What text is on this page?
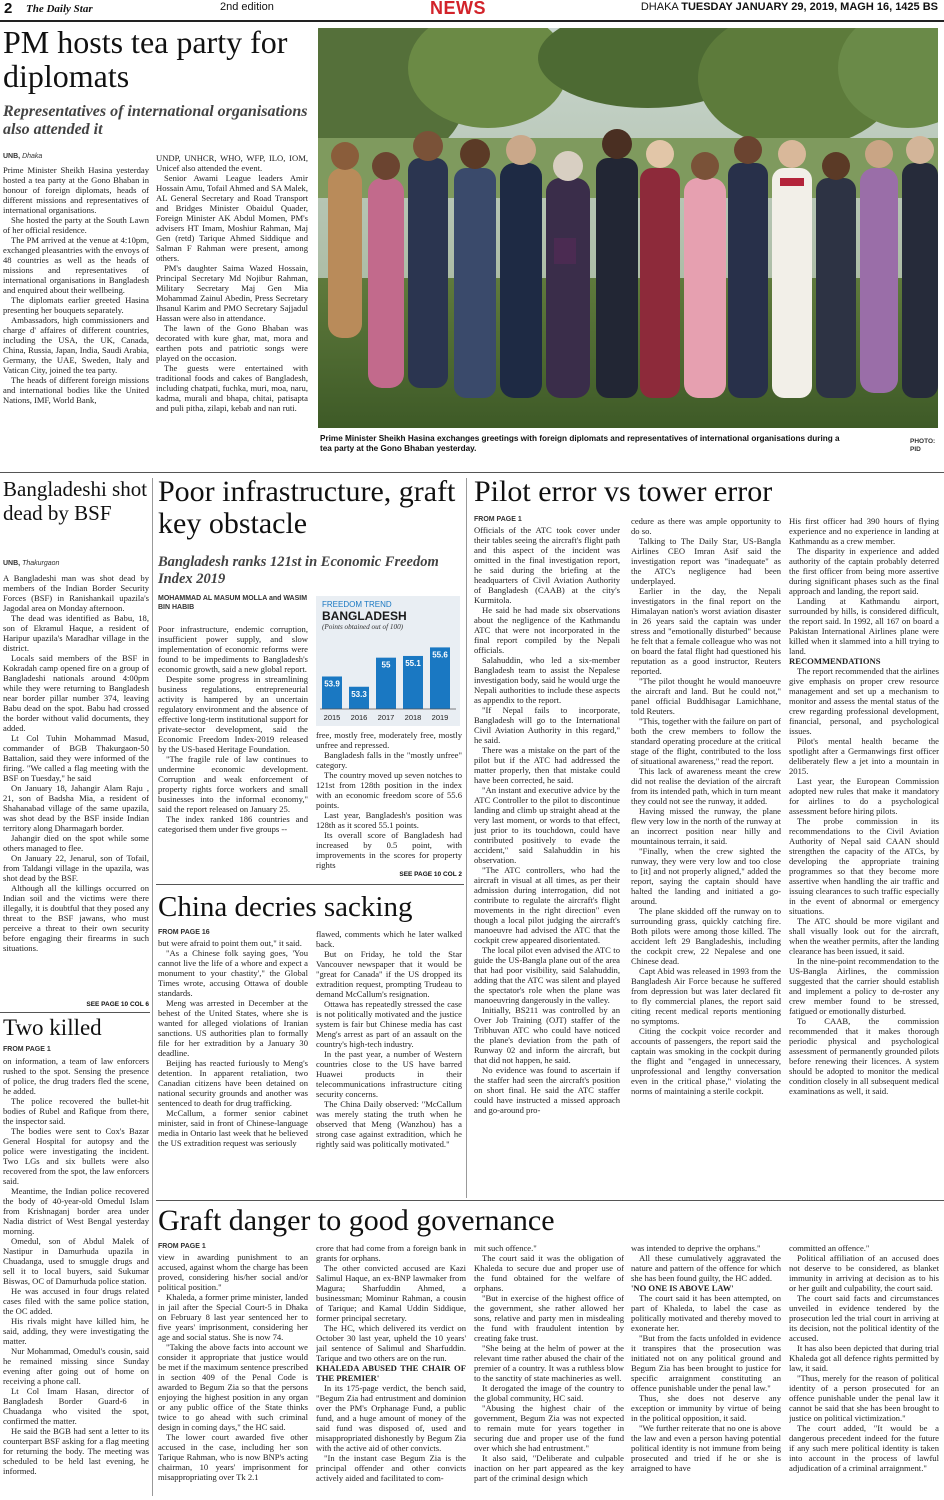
2 The Daily Star	2nd edition	NEWS	DHAKA TUESDAY JANUARY 29, 2019, MAGH 16, 1425 BS
PM hosts tea party for diplomats
Representatives of international organisations also attended it
UNB, Dhaka

Prime Minister Sheikh Hasina yesterday hosted a tea party at the Gono Bhaban in honour of foreign diplomats, heads of different missions and representatives of international organisations.

She hosted the party at the South Lawn of her official residence.

The PM arrived at the venue at 4:10pm, exchanged pleasantries with the envoys of 48 countries as well as the heads of missions and representatives of international organisations in Bangladesh and enquired about their wellbeing.

The diplomats earlier greeted Hasina presenting her bouquets separately.

Ambassadors, high commissioners and charge d' affaires of different countries, including the USA, the UK, Canada, China, Russia, Japan, India, Saudi Arabia, Germany, the UAE, Sweden, Italy and Vatican City, joined the tea party.

The heads of different foreign missions and international bodies like the United Nations, IMF, World Bank,

UNDP, UNHCR, WHO, WFP, ILO, IOM, Unicef also attended the event.

Senior Awami League leaders Amir Hossain Amu, Tofail Ahmed and SA Malek, AL General Secretary and Road Transport and Bridges Minister Obaidul Quader, Foreign Minister AK Abdul Momen, PM's advisers HT Imam, Moshiur Rahman, Maj Gen (retd) Tarique Ahmed Siddique and Salman F Rahman were present, among others.

PM's daughter Saima Wazed Hossain, Principal Secretary Md Nojibur Rahman, Military Secretary Maj Gen Mia Mohammad Zainul Abedin, Press Secretary Ihsanul Karim and PMO Secretary Sajjadul Hassan were also in attendance.

The lawn of the Gono Bhaban was decorated with kure ghar, mat, mora and earthen pots and patriotic songs were played on the occasion.

The guests were entertained with traditional foods and cakes of Bangladesh, including chatpati, fuchka, muri, moa, naru, kadma, murali and bhapa, chitai, patisapta and puli pitha, zilapi, kebab and nan ruti.

Prime Minister Sheikh Hasina exchanges greetings with foreign diplomats and representatives of international organisations during a tea party at the Gono Bhaban yesterday.
PHOTO: PID
Bangladeshi shot dead by BSF
UNB, Thakurgaon

A Bangladeshi man was shot dead by members of the Indian Border Security Forces (BSF) in Ranishankail upazila's Jagodal area on Monday afternoon.

The dead was identified as Babu, 18, son of Ekramul Haque, a resident of Haripur upazila's Maradhar village in the district.

Locals said members of the BSF in Kokradah camp opened fire on a group of Bangladeshi nationals around 4:00pm while they were returning to Bangladesh near border pillar number 374, leaving Babu dead on the spot. Babu had crossed the border without valid documents, they added.

Lt Col Tuhin Mohammad Masud, commander of BGB Thakurgaon-50 Battalion, said they were informed of the firing. "We called a flag meeting with the BSF on Tuesday," he said

On January 18, Jahangir Alam Raju , 21, son of Badsha Mia, a resident of Shahanabad village of the same upazila, was shot dead by the BSF inside Indian territory along Dharmagarh border.

Jahangir died on the spot while some others managed to flee.

On January 22, Jenarul, son of Tofail, from Taldangi village in the upazila, was shot dead by the BSF.

Although all the killings occurred on Indian soil and the victims were there illegally, it is doubtful that they posed any threat to the BSF jawans, who must perceive a threat to their own security before engaging their firearms in such situations.

SEE PAGE 10 COL 6
Two killed
FROM PAGE 1

on information, a team of law enforcers rushed to the spot. Sensing the presence of police, the drug traders fled the scene, he added.

The police recovered the bullet-hit bodies of Rubel and Rafique from there, the inspector said.

The bodies were sent to Cox's Bazar General Hospital for autopsy and the police were investigating the incident. Two LGs and six bullets were also recovered from the spot, the law enforcers said.

Meantime, the Indian police recovered the body of 40-year-old Omedul Islam from Krishnaganj border area under Nadia district of West Bengal yesterday morning.

Omedul, son of Abdul Malek of Nastipur in Damurhuda upazila in Chuadanga, used to smuggle drugs and sell it to local buyers, said Sukumar Biswas, OC of Damurhuda police station.

He was accused in four drugs related cases filed with the same police station, the OC added.

His rivals might have killed him, he said, adding, they were investigating the matter.

Nur Mohammad, Omedul's cousin, said he remained missing since Sunday evening after going out of home on receiving a phone call.

Lt Col Imam Hasan, director of Bangladesh Border Guard-6 in Chuadanga who visited the spot, confirmed the matter.

He said the BGB had sent a letter to its counterpart BSF asking for a flag meeting for returning the body. The meeting was scheduled to be held last evening, he informed.

Poor infrastructure, graft key obstacle
Bangladesh ranks 121st in Economic Freedom Index 2019
MOHAMMAD AL MASUM MOLLA and WASIM BIN HABIB

Poor infrastructure, endemic corruption, insufficient power supply, and slow implementation of economic reforms were found to be impediments to Bangladesh's economic growth, said a new global report.

Despite some progress in streamlining business regulations, entrepreneurial activity is hampered by an uncertain regulatory environment and the absence of effective long-term institutional support for private-sector development, said the Economic Freedom Index-2019 released by the US-based Heritage Foundation.

"The fragile rule of law continues to undermine economic development. Corruption and weak enforcement of property rights force workers and small businesses into the informal economy," said the report released on January 25.

The index ranked 186 countries and categorised them under five groups --

FREEDOM TREND
BANGLADESH
(Points obtained out of 100)
53.9
2015
53.3
2016
55
2017
55.1
2018
55.6
2019

free, mostly free, moderately free, mostly unfree and repressed.

Bangladesh falls in the "mostly unfree" category.

The country moved up seven notches to 121st from 128th position in the index with an economic freedom score of 55.6 points.

Last year, Bangladesh's position was 128th as it scored 55.1 points.

Its overall score of Bangladesh had increased by 0.5 point, with improvements in the scores for property rights

SEE PAGE 10 COL 2
China decries sacking
FROM PAGE 16

but were afraid to point them out," it said.

"As a Chinese folk saying goes, 'You cannot live the life of a whore and expect a monument to your chastity'," the Global Times wrote, accusing Ottawa of double standards.

Meng was arrested in December at the behest of the United States, where she is wanted for alleged violations of Iranian sanctions. US authorities plan to formally file for her extradition by a January 30 deadline.

Beijing has reacted furiously to Meng's detention. In apparent retaliation, two Canadian citizens have been detained on national security grounds and another was sentenced to death for drug trafficking.

McCallum, a former senior cabinet minister, said in front of Chinese-language media in Ontario last week that he believed the US extradition request was seriously

flawed, comments which he later walked back.

But on Friday, he told the Star Vancouver newspaper that it would be "great for Canada" if the US dropped its extradition request, prompting Trudeau to demand McCallum's resignation.

Ottawa has repeatedly stressed the case is not politically motivated and the justice system is fair but Chinese media has cast Meng's arrest as part of an assault on the country's high-tech industry.

In the past year, a number of Western countries close to the US have barred Huawei products in their telecommunications infrastructure citing security concerns.

The China Daily observed: "McCallum was merely stating the truth when he observed that Meng (Wanzhou) has a strong case against extradition, which he rightly said was politically motivated."

Pilot error vs tower error
FROM PAGE 1

Officials of the ATC took cover under their tables seeing the aircraft's flight path and this aspect of the incident was omitted in the final investigation report, he said during the briefing at the headquarters of Civil Aviation Authority of Bangladesh (CAAB) at the city's Kurmitola.

He said he had made six observations about the negligence of the Kathmandu ATC that were not incorporated in the final report compiled by the Nepali officials.

Salahuddin, who led a six-member Bangladesh team to assist the Nepalese investigation body, said he would urge the Nepali authorities to include these aspects as appendix to the report.

"If Nepal fails to incorporate, Bangladesh will go to the International Civil Aviation Authority in this regard," he said.

There was a mistake on the part of the pilot but if the ATC had addressed the matter properly, then that mistake could have been corrected, he said.

"An instant and executive advice by the ATC Controller to the pilot to discontinue landing and climb up straight ahead at the very last moment, or words to that effect, just prior to its touchdown, could have contributed positively to evade the accident," said Salahuddin in his observation.

"The ATC controllers, who had the aircraft in visual at all times, as per their admission during interrogation, did not contribute to regulate the aircraft's flight movements in the right direction" even though a local pilot judging the aircraft's manoeuvre had advised the ATC that the cockpit crew appeared disorientated.

The local pilot even advised the ATC to guide the US-Bangla plane out of the area that had poor visibility, said Salahuddin, adding that the ATC was silent and played the spectator's role when the plane was manoeuvring dangerously in the valley.

Initially, BS211 was controlled by an Over Job Training (OJT) staffer of the Tribhuvan ATC who could have noticed the plane's deviation from the path of Runway 02 and inform the aircraft, but that did not happen, he said.

No evidence was found to ascertain if the staffer had seen the aircraft's position on short final. He said the ATC staffer could have instructed a missed approach and go-around pro-

cedure as there was ample opportunity to do so.

Talking to The Daily Star, US-Bangla Airlines CEO Imran Asif said the investigation report was "inadequate" as the ATC's negligence had been underplayed.

Earlier in the day, the Nepali investigators in the final report on the Himalayan nation's worst aviation disaster in 26 years said the captain was under stress and "emotionally disturbed" because he felt that a female colleague who was not on board the fatal flight had questioned his reputation as a good instructor, Reuters reported.

"The pilot thought he would manoeuvre the aircraft and land. But he could not," panel official Buddhisagar Lamichhane, told Reuters.

"This, together with the failure on part of both the crew members to follow the standard operating procedure at the critical stage of the flight, contributed to the loss of situational awareness," read the report.

This lack of awareness meant the crew did not realise the deviation of the aircraft from its intended path, which in turn meant they could not see the runway, it added.

Having missed the runway, the plane flew very low in the north of the runway at an incorrect position near hilly and mountainous terrain, it said.

"Finally, when the crew sighted the runway, they were very low and too close to [it] and not properly aligned," added the report, saying the captain should have halted the landing and initiated a go-around.

The plane skidded off the runway on to surrounding grass, quickly catching fire. Both pilots were among those killed. The accident left 29 Bangladeshis, including the cockpit crew, 22 Nepalese and one Chinese dead.

Capt Abid was released in 1993 from the Bangladesh Air Force because he suffered from depression but was later declared fit to fly commercial planes, the report said citing recent medical reports mentioning no symptoms.

Citing the cockpit voice recorder and accounts of passengers, the report said the captain was smoking in the cockpit during the flight and "engaged in unnecessary, unprofessional and lengthy conversation even in the critical phase," violating the norms of maintaining a sterile cockpit.

His first officer had 390 hours of flying experience and no experience in landing at Kathmandu as a crew member.

The disparity in experience and added authority of the captain probably deterred the first officer from being more assertive during significant phases such as the final approach and landing, the report said.

Landing at Kathmandu airport, surrounded by hills, is considered difficult, the report said. In 1992, all 167 on board a Pakistan International Airlines plane were killed when it slammed into a hill trying to land.

RECOMMENDATIONS

The report recommended that the airlines give emphasis on proper crew resource management and set up a mechanism to monitor and assess the mental status of the crew regarding professional development, financial, personal, and psychological issues.

Pilot's mental health became the spotlight after a Germanwings first officer deliberately flew a jet into a mountain in 2015.

Last year, the European Commission adopted new rules that make it mandatory for airlines to do a psychological assessment before hiring pilots.

The probe commission in its recommendations to the Civil Aviation Authority of Nepal said CAAN should strengthen the capacity of the ATCs, by developing the appropriate training programmes so that they become more assertive when handling the air traffic and issuing clearances to such traffic especially in the event of abnormal or emergency situations.

The ATC should be more vigilant and shall visually look out for the aircraft, when the weather permits, after the landing clearance has been issued, it said.

In the nine-point recommendation to the US-Bangla Airlines, the commission suggested that the carrier should establish and implement a policy to de-roster any crew member found to be stressed, fatigued or emotionally disturbed.

To CAAB, the commission recommended that it makes thorough periodic physical and psychological assessment of permanently grounded pilots before renewing their licences. A system should be adopted to monitor the medical condition closely in all subsequent medical examinations as well, it said.

Graft danger to good governance
FROM PAGE 1

view in awarding punishment to an accused, against whom the charge has been proved, considering his/her social and/or political position."

Khaleda, a former prime minister, landed in jail after the Special Court-5 in Dhaka on February 8 last year sentenced her to five years' imprisonment, considering her age and social status. She is now 74.

"Taking the above facts into account we consider it appropriate that justice would be met if the maximum sentence prescribed in section 409 of the Penal Code is awarded to Begum Zia so that the persons enjoying the highest position in any organ or any public office of the State thinks twice to go ahead with such criminal design in coming days," the HC said.

The lower court awarded five other accused in the case, including her son Tarique Rahman, who is now BNP's acting chairman, 10 years' imprisonment for misappropriating over Tk 2.1

crore that had come from a foreign bank in grants for orphans.

The other convicted accused are Kazi Salimul Haque, an ex-BNP lawmaker from Magura; Sharfuddin Ahmed, a businessman; Mominur Rahman, a cousin of Tarique; and Kamal Uddin Siddique, former principal secretary.

The HC, which delivered its verdict on October 30 last year, upheld the 10 years' jail sentence of Salimul and Sharfuddin. Tarique and two others are on the run.

KHALEDA ABUSED THE CHAIR OF THE PREMIER'

In its 175-page verdict, the bench said, "Begum Zia had entrustment and dominion over the PM's Orphanage Fund, a public fund, and a huge amount of money of the said fund was disposed of, used and misappropriated dishonestly by Begum Zia with the active aid of other convicts.

"In the instant case Begum Zia is the principal offender and other convicts actively aided and facilitated to com-

mit such offence."

The court said it was the obligation of Khaleda to secure due and proper use of the fund obtained for the welfare of orphans.

"But in exercise of the highest office of the government, she rather allowed her sons, relative and party men in misdealing the fund with fraudulent intention by creating fake trust.

"She being at the helm of power at the relevant time rather abused the chair of the premier of a country. It was a ruthless blow to the sanctity of state machineries as well.

It derogated the image of the country to the global community, HC said.

"Abusing the highest chair of the government, Begum Zia was not expected to remain mute for years together in securing due and proper use of the fund over which she had entrustment."

It also said, "Deliberate and culpable inaction on her part appeared as the key part of the criminal design which

was intended to deprive the orphans."

All these cumulatively aggravated the nature and pattern of the offence for which she has been found guilty, the HC added.

'NO ONE IS ABOVE LAW'

The court said it has been attempted, on part of Khaleda, to label the case as politically motivated and thereby moved to exonerate her.

"But from the facts unfolded in evidence it transpires that the prosecution was initiated not on any political ground and Begum Zia has been brought to justice for specific arraignment constituting an offence punishable under the penal law."

Thus, she does not deserve any exception or immunity by virtue of being in the political opposition, it said.

"We further reiterate that no one is above the law and even a person having potential political identity is not immune from being prosecuted and tried if he or she is arraigned to have

committed an offence."

Political affiliation of an accused does not deserve to be considered, as blanket immunity in arriving at decision as to his or her guilt and culpability, the court said.

The court said facts and circumstances unveiled in evidence tendered by the prosecution led the trial court in arriving at its decision, not the political identity of the accused.

It has also been depicted that during trial Khaleda got all defence rights permitted by law, it said.

"Thus, merely for the reason of political identity of a person prosecuted for an offence punishable under the penal law it cannot be said that she has been brought to justice on political victimization."

The court added, "It would be a dangerous precedent indeed for the future if any such mere political identity is taken into account in the process of lawful adjudication of a criminal arraignment."
